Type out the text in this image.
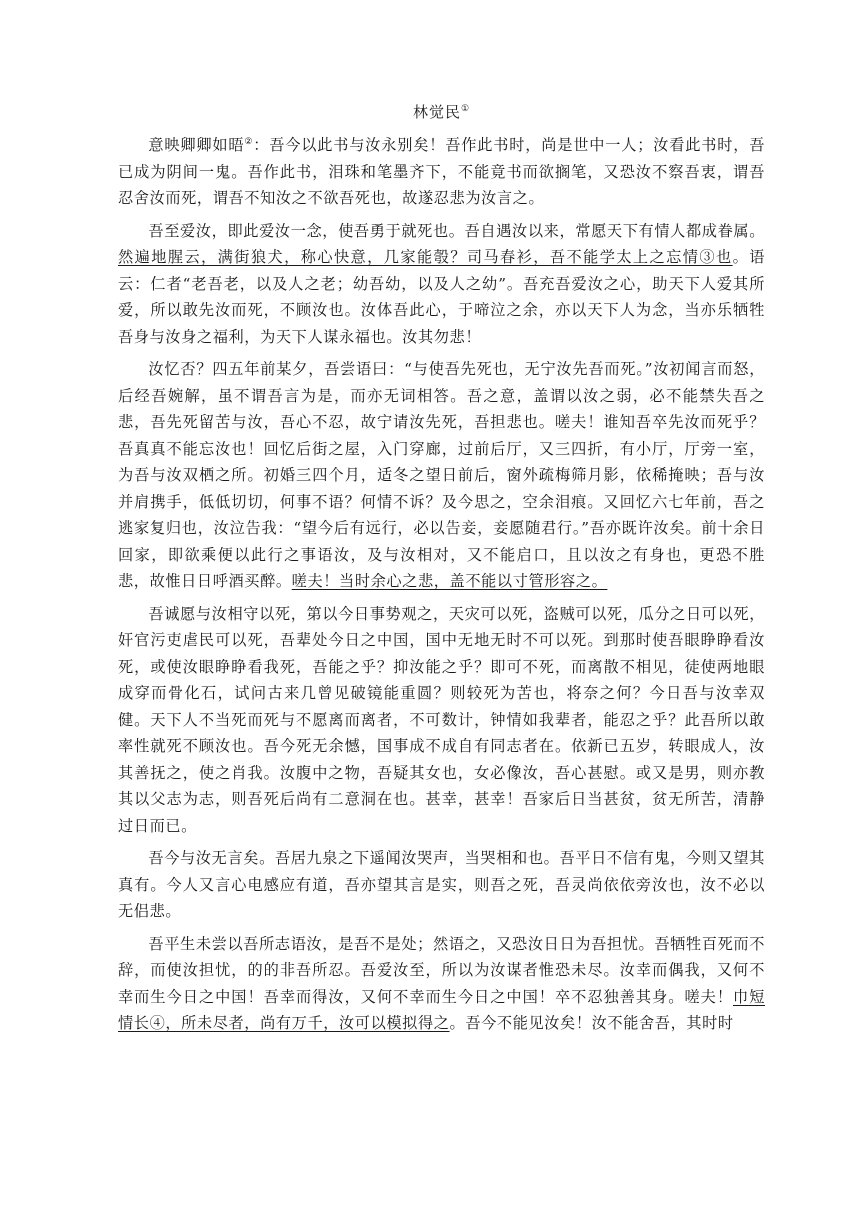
林觉民①

意映卿卿如晤②：吾今以此书与汝永别矣！吾作此书时，尚是世中一人；汝看此书时，吾已成为阴间一鬼。吾作此书，泪珠和笔墨齐下，不能竟书而欲搁笔，又恐汝不察吾衷，谓吾忍舍汝而死，谓吾不知汝之不欲吾死也，故遂忍悲为汝言之。

吾至爱汝，即此爱汝一念，使吾勇于就死也。吾自遇汝以来，常愿天下有情人都成眷属。然遍地腥云，满街狼犬，称心快意，几家能彀？司马春衫，吾不能学太上之忘情③也。语云：仁者“老吾老，以及人之老；幼吾幼，以及人之幼”。吾充吾爱汝之心，助天下人爱其所爱，所以敢先汝而死，不顾汝也。汝体吾此心，于啼泣之余，亦以天下人为念，当亦乐牺牲吾身与汝身之福利，为天下人谋永福也。汝其勿悲！

汝忆否？四五年前某夕，吾尝语曰：“与使吾先死也，无宁汝先吾而死。”汝初闻言而怒，后经吾婉解，虽不谓吾言为是，而亦无词相答。吾之意，盖谓以汝之弱，必不能禁失吾之悲，吾先死留苦与汝，吾心不忍，故宁请汝先死，吾担悲也。嗟夫！谁知吾卒先汝而死乎？吾真真不能忘汝也！回忆后街之屋，入门穿廊，过前后厅，又三四折，有小厅，厅旁一室，为吾与汝双栖之所。初婚三四个月，适冬之望日前后，窗外疏梅筛月影，依稀掩映；吾与汝并肩携手，低低切切，何事不语？何情不诉？及今思之，空余泪痕。又回忆六七年前，吾之逃家复归也，汝泣告我：“望今后有远行，必以告妾，妾愿随君行。”吾亦既许汝矣。前十余日回家，即欲乘便以此行之事语汝，及与汝相对，又不能启口，且以汝之有身也，更恐不胜悲，故惟日日呼酒买醉。嗟夫！当时余心之悲，盖不能以寸管形容之。

吾诚愿与汝相守以死，第以今日事势观之，天灾可以死，盗贼可以死，瓜分之日可以死，奸官污吏虐民可以死，吾辈处今日之中国，国中无地无时不可以死。到那时使吾眼睁睁看汝死，或使汝眼睁睁看我死，吾能之乎？抑汝能之乎？即可不死，而离散不相见，徒使两地眼成穿而骨化石，试问古来几曾见破镜能重圆？则较死为苦也，将奈之何？今日吾与汝幸双健。天下人不当死而死与不愿离而离者，不可数计，钟情如我辈者，能忍之乎？此吾所以敢率性就死不顾汝也。吾今死无余憾，国事成不成自有同志者在。依新已五岁，转眼成人，汝其善抚之，使之肖我。汝腹中之物，吾疑其女也，女必像汝，吾心甚慰。或又是男，则亦教其以父志为志，则吾死后尚有二意洞在也。甚幸，甚幸！吾家后日当甚贫，贫无所苦，清静过日而已。

吾今与汝无言矣。吾居九泉之下遥闻汝哭声，当哭相和也。吾平日不信有鬼，今则又望其真有。今人又言心电感应有道，吾亦望其言是实，则吾之死，吾灵尚依依旁汝也，汝不必以无侣悲。

吾平生未尝以吾所志语汝，是吾不是处；然语之，又恐汝日日为吾担忧。吾牺牲百死而不辞，而使汝担忧，的的非吾所忍。吾爱汝至，所以为汝谋者惟恐未尽。汝幸而偶我，又何不幸而生今日之中国！吾幸而得汝，又何不幸而生今日之中国！卒不忍独善其身。嗟夫！巾短情长④，所未尽者，尚有万千，汝可以模拟得之。吾今不能见汝矣！汝不能舍吾，其时时
